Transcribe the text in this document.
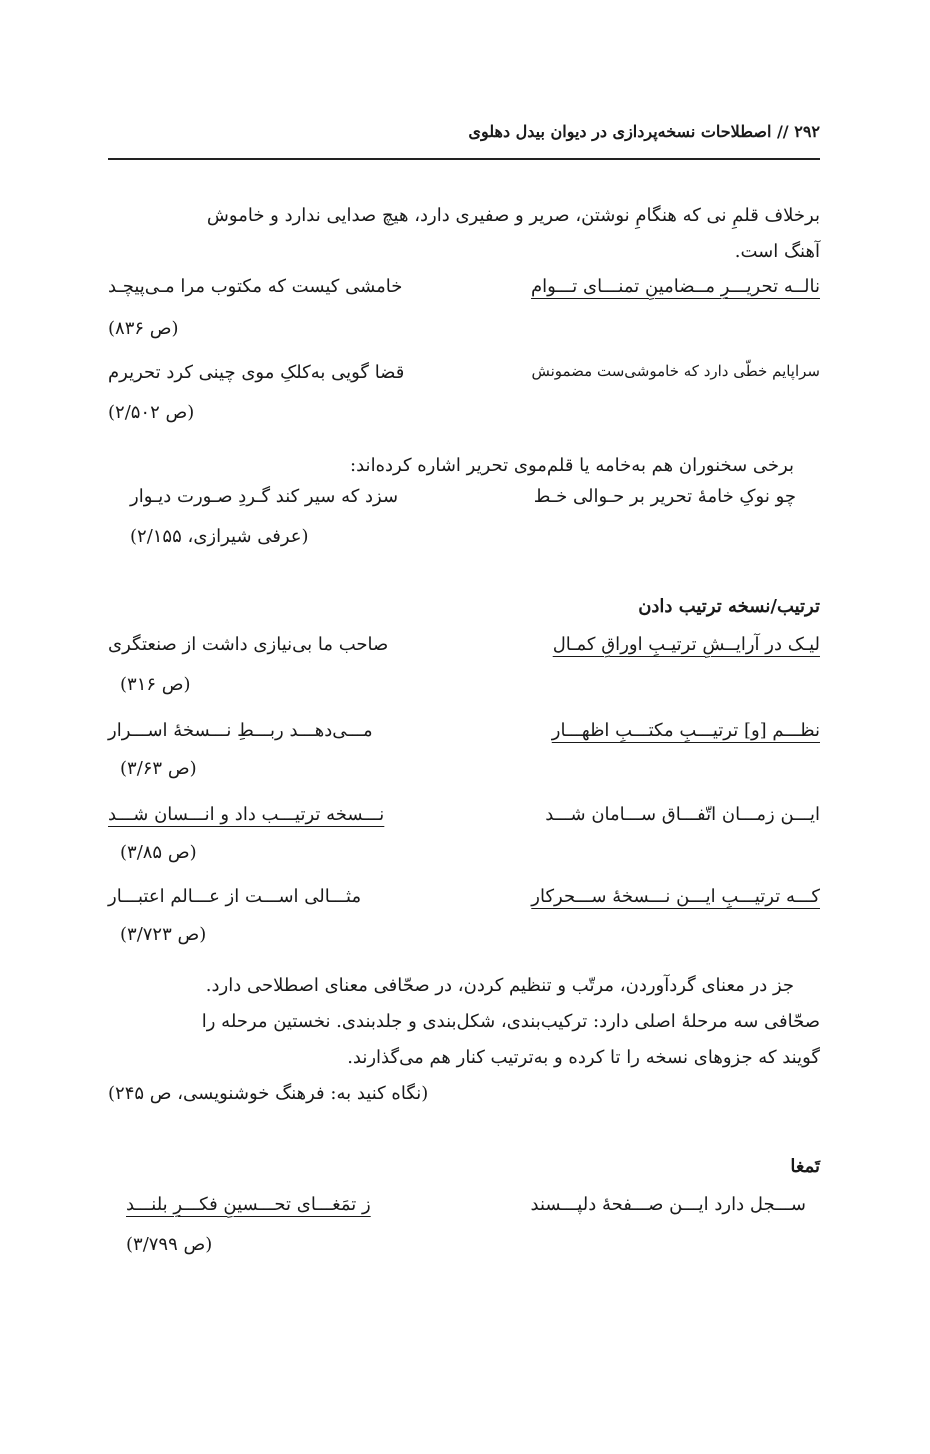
۲۹۲ // اصطلاحات نسخه‌پردازی در دیوان بیدل دهلوی
برخلاف قلمِ نی که هنگامِ نوشتن، صریر و صفیری دارد، هیچ صدایی ندارد و خاموش
آهنگ است.
نالــه تحریـــرِ مــضامینِ تمنـــای تـــوام
خامشی کیست که مکتوب مرا مـی‌پیچـد
(ص ۸۳۶)
سراپایم خطّی دارد که خاموشی‌ست مضمونش
قضا گویی به‌کلکِ موی چینی کرد تحریرم
(ص ۲/۵۰۲)
برخی سخنوران هم به‌خامه یا قلم‌موی تحریر اشاره کرده‌اند:
چو نوکِ خامۀ تحریر بر حـوالی خـط
سزد که سیر کند گـردِ صـورت دیـوار
(عرفی شیرازی، ۲/۱۵۵)
ترتیب/نسخه ترتیب دادن
لیـک در آرایــشِ ترتیـبِ اوراقِ کمـال
صاحب ما بی‌نیازی داشت از صنعتگری
(ص ۳۱۶)
نظـــم [و] ترتیـــبِ مکتـــبِ اظهـــار
مـــی‌دهـــد ربـــطِ نـــسخۀ اســـرار
(ص ۳/۶۳)
ایـــن زمـــان اتّفـــاق ســـامان شـــد
نـــسخه ترتیـــب داد و انـــسان شـــد
(ص ۳/۸۵)
کـــه ترتیـــبِ ایـــن نـــسخۀ ســـحرکار
مثـــالی اســـت از عـــالم اعتبـــار
(ص ۳/۷۲۳)
جز در معنای گردآوردن، مرتّب و تنظیم کردن، در صحّافی معنای اصطلاحی دارد.
صحّافی سه مرحلۀ اصلی دارد: ترکیب‌بندی، شکل‌بندی و جلدبندی. نخستین مرحله را
گویند که جزوهای نسخه را تا کرده و به‌ترتیب کنار هم می‌گذارند.
(نگاه کنید به: فرهنگ خوشنویسی، ص ۲۴۵)
تَمغا
ســـجل دارد ایـــن صـــفحۀ دلپـــسند
ز تمَغـــای تحـــسینِ فکـــرِ بلنـــد
(ص ۳/۷۹۹)
